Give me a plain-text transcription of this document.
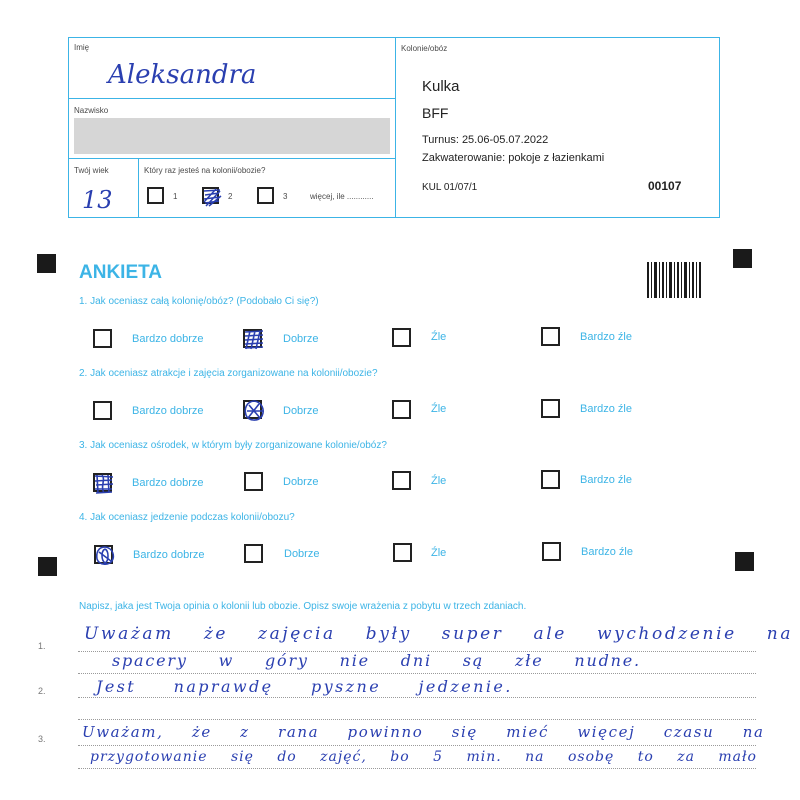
Imię
Aleksandra
Nazwisko
Twój wiek
13
Który raz jesteś na kolonii/obozie?
1	2	3	więcej, ile ............
Kolonie/obóz
Kulka
BFF
Turnus: 25.06-05.07.2022
Zakwaterowanie: pokoje z łazienkami
KUL 01/07/1	00107
ANKIETA
1. Jak oceniasz całą kolonię/obóz? (Podobało Ci się?)
Bardzo dobrze	Dobrze	Źle	Bardzo źle
2. Jak oceniasz atrakcje i zajęcia zorganizowane na kolonii/obozie?
Bardzo dobrze	Dobrze	Źle	Bardzo źle
3. Jak oceniasz ośrodek, w którym były zorganizowane kolonie/obóz?
Bardzo dobrze	Dobrze	Źle	Bardzo źle
4. Jak oceniasz jedzenie podczas kolonii/obozu?
Bardzo dobrze	Dobrze	Źle	Bardzo źle
Napisz, jaka jest Twoja opinia o kolonii lub obozie. Opisz swoje wrażenia z pobytu w trzech zdaniach.
1.
2.
3.
Uważam że zajęcia były super ale wychodzenie na
spacery w góry nie dni są złe nudne.
Jest naprawdę pyszne jedzenie.
Uważam, że z rana powinno się mieć więcej czasu na
przygotowanie się do zajęć, bo 5 min. na osobę to za mało
